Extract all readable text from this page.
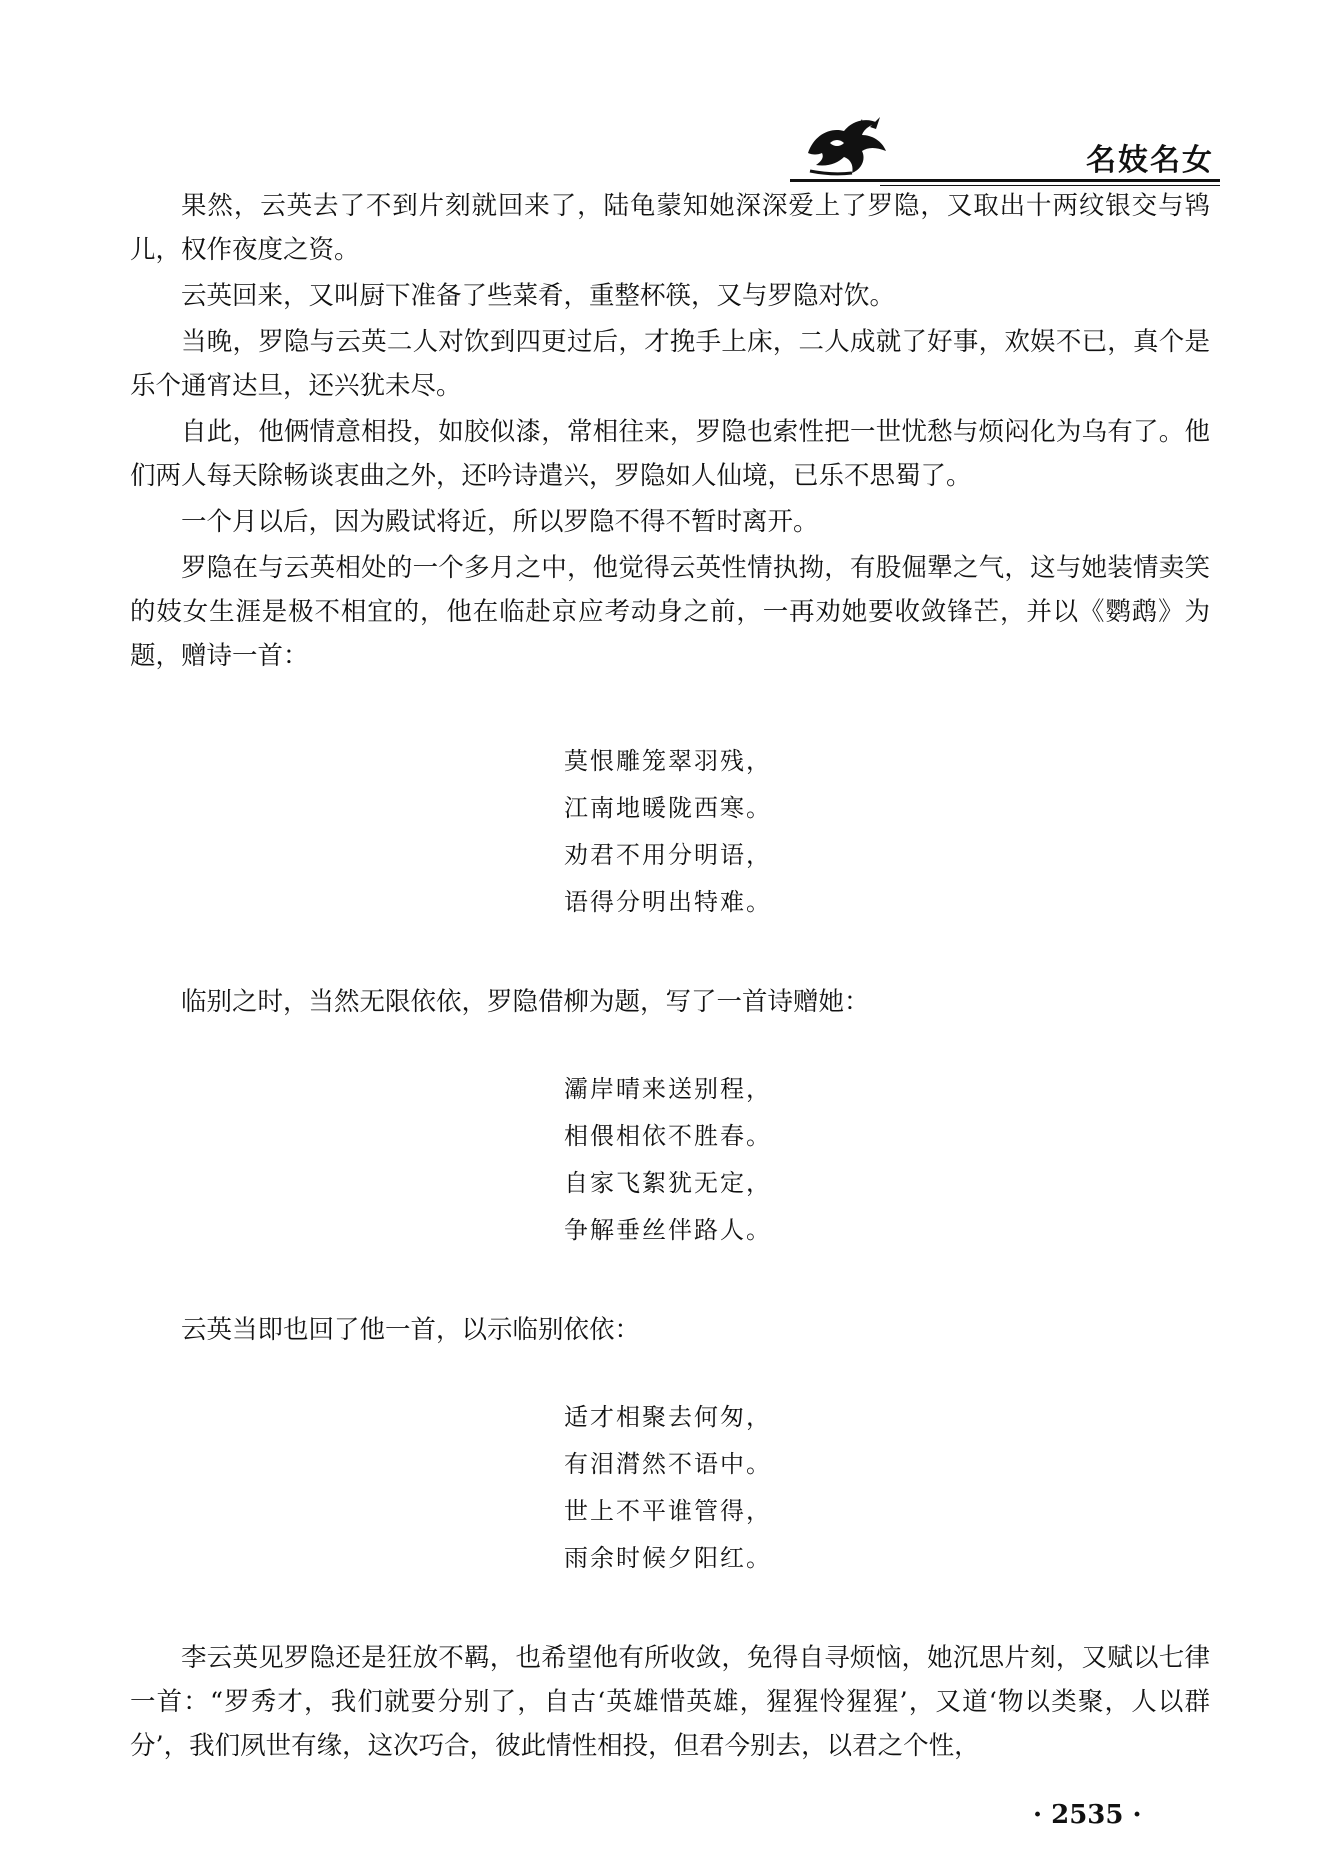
名妓名女

果然，云英去了不到片刻就回来了，陆龟蒙知她深深爱上了罗隐，又取出十两纹银交与鸨儿，权作夜度之资。

云英回来，又叫厨下准备了些菜肴，重整杯筷，又与罗隐对饮。

当晚，罗隐与云英二人对饮到四更过后，才挽手上床，二人成就了好事，欢娱不已，真个是乐个通宵达旦，还兴犹未尽。

自此，他俩情意相投，如胶似漆，常相往来，罗隐也索性把一世忧愁与烦闷化为乌有了。他们两人每天除畅谈衷曲之外，还吟诗遣兴，罗隐如人仙境，已乐不思蜀了。

一个月以后，因为殿试将近，所以罗隐不得不暂时离开。

罗隐在与云英相处的一个多月之中，他觉得云英性情执拗，有股倔犟之气，这与她装情卖笑的妓女生涯是极不相宜的，他在临赴京应考动身之前，一再劝她要收敛锋芒，并以《鹦鹉》为题，赠诗一首：

莫恨雕笼翠羽残，
江南地暖陇西寒。
劝君不用分明语，
语得分明出特难。

临别之时，当然无限依依，罗隐借柳为题，写了一首诗赠她：

灞岸晴来送别程，
相偎相依不胜春。
自家飞絮犹无定，
争解垂丝伴路人。

云英当即也回了他一首，以示临别依依：

适才相聚去何匆，
有泪潸然不语中。
世上不平谁管得，
雨余时候夕阳红。

李云英见罗隐还是狂放不羁，也希望他有所收敛，免得自寻烦恼，她沉思片刻，又赋以七律一首：“罗秀才，我们就要分别了，自古‘英雄惜英雄，猩猩怜猩猩’，又道‘物以类聚，人以群分’，我们夙世有缘，这次巧合，彼此情性相投，但君今别去，以君之个性，

· 2535 ·
